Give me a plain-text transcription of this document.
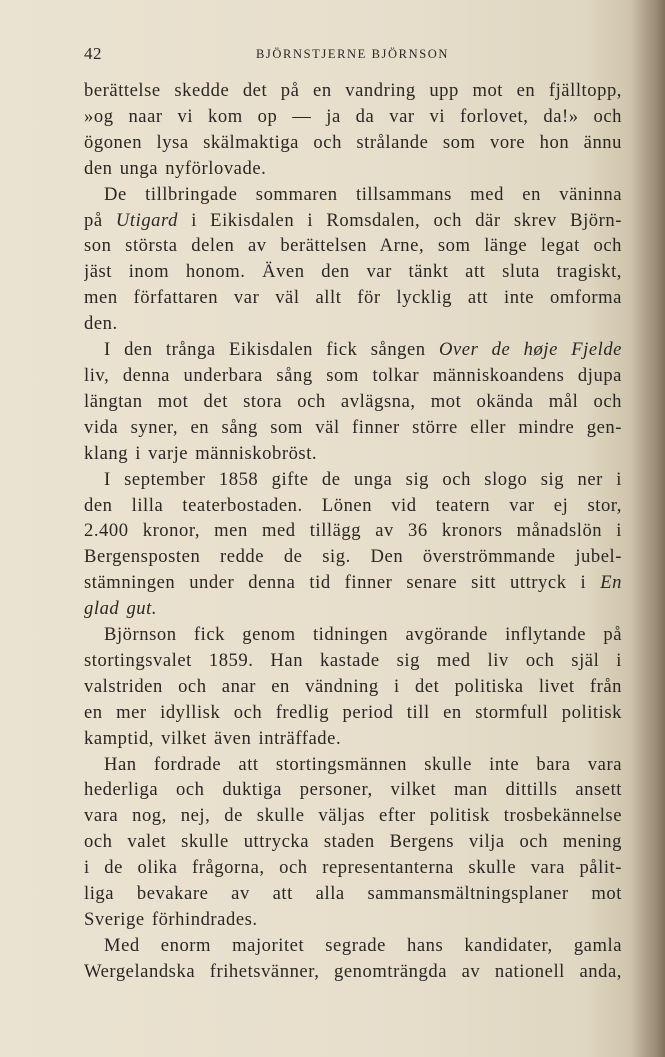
42	BJÖRNSTJERNE BJÖRNSON
berättelse skedde det på en vandring upp mot en fjälltopp,
»og naar vi kom op — ja da var vi forlovet, da!» och
ögonen lysa skälmaktiga och strålande som vore hon ännu
den unga nyförlovade.
De tillbringade sommaren tillsammans med en väninna
på Utigard i Eikisdalen i Romsdalen, och där skrev Björn-
son största delen av berättelsen Arne, som länge legat och
jäst inom honom. Även den var tänkt att sluta tragiskt,
men författaren var väl allt för lycklig att inte omforma
den.
I den trånga Eikisdalen fick sången Over de høje Fjelde
liv, denna underbara sång som tolkar människoandens djupa
längtan mot det stora och avlägsna, mot okända mål och
vida syner, en sång som väl finner större eller mindre gen-
klang i varje människobröst.
I september 1858 gifte de unga sig och slogo sig ner i
den lilla teaterbostaden. Lönen vid teatern var ej stor,
2.400 kronor, men med tillägg av 36 kronors månadslön i
Bergensposten redde de sig. Den överströmmande jubel-
stämningen under denna tid finner senare sitt uttryck i En
glad gut.
Björnson fick genom tidningen avgörande inflytande på
stortingsvalet 1859. Han kastade sig med liv och själ i
valstriden och anar en vändning i det politiska livet från
en mer idyllisk och fredlig period till en stormfull politisk
kamptid, vilket även inträffade.
Han fordrade att stortingsmännen skulle inte bara vara
hederliga och duktiga personer, vilket man dittills ansett
vara nog, nej, de skulle väljas efter politisk trosbekännelse
och valet skulle uttrycka staden Bergens vilja och mening
i de olika frågorna, och representanterna skulle vara pålit-
liga bevakare av att alla sammansmältningsplaner mot
Sverige förhindrades.
Med enorm majoritet segrade hans kandidater, gamla
Wergelandska frihetsvänner, genomträngda av nationell anda,
